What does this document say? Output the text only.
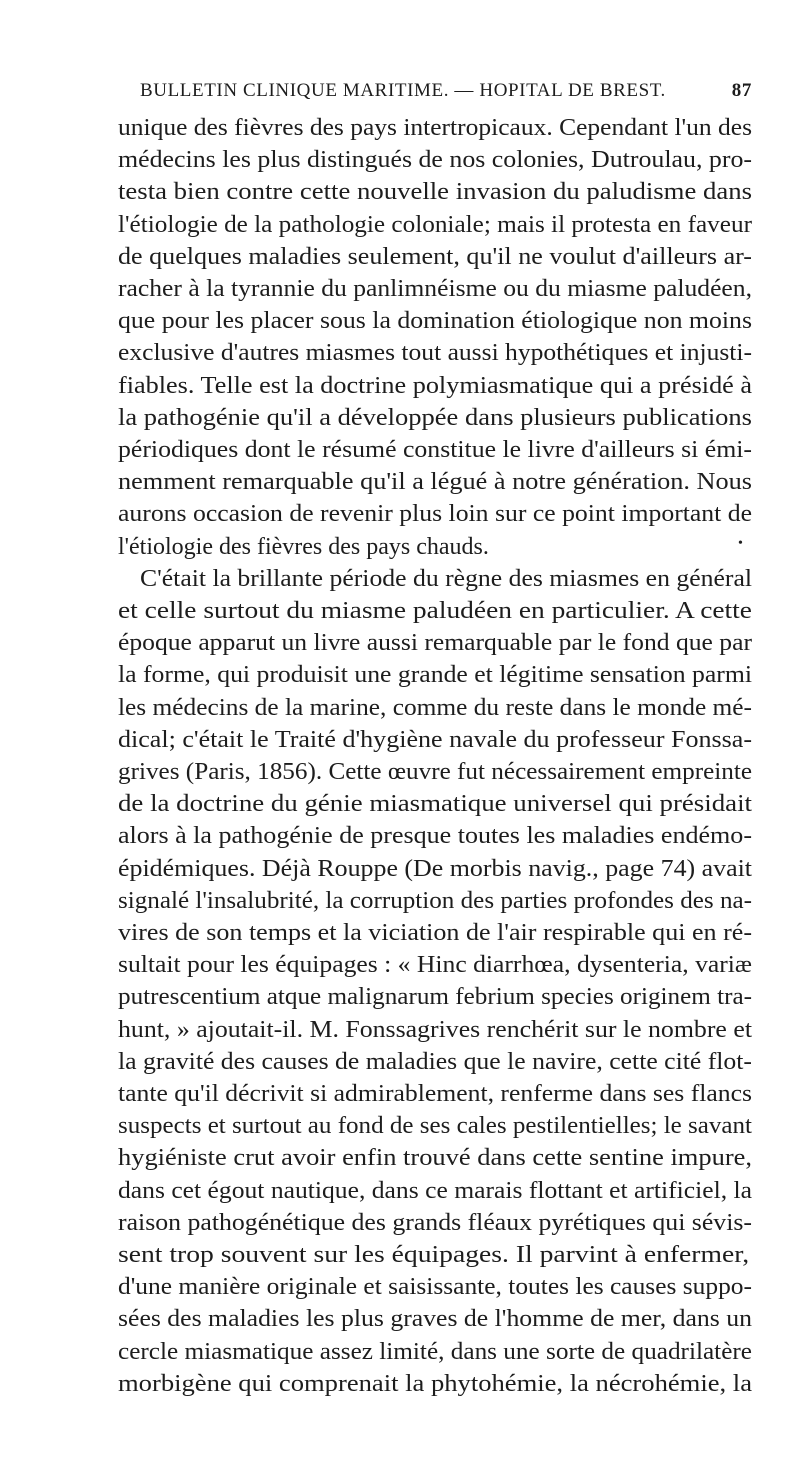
BULLETIN CLINIQUE MARITIME. — HOPITAL DE BREST.	87
unique des fièvres des pays intertropicaux. Cependant l'un des
médecins les plus distingués de nos colonies, Dutroulau, pro-
testa bien contre cette nouvelle invasion du paludisme dans
l'étiologie de la pathologie coloniale; mais il protesta en faveur
de quelques maladies seulement, qu'il ne voulut d'ailleurs ar-
racher à la tyrannie du panlimnéisme ou du miasme paludéen,
que pour les placer sous la domination étiologique non moins
exclusive d'autres miasmes tout aussi hypothétiques et injusti-
fiables. Telle est la doctrine polymiasmatique qui a présidé à
la pathogénie qu'il a développée dans plusieurs publications
périodiques dont le résumé constitue le livre d'ailleurs si émi-
nemment remarquable qu'il a légué à notre génération. Nous
aurons occasion de revenir plus loin sur ce point important de
l'étiologie des fièvres des pays chauds.
C'était la brillante période du règne des miasmes en général
et celle surtout du miasme paludéen en particulier. A cette
époque apparut un livre aussi remarquable par le fond que par
la forme, qui produisit une grande et légitime sensation parmi
les médecins de la marine, comme du reste dans le monde mé-
dical; c'était le Traité d'hygiène navale du professeur Fonssa-
grives (Paris, 1856). Cette œuvre fut nécessairement empreinte
de la doctrine du génie miasmatique universel qui présidait
alors à la pathogénie de presque toutes les maladies endémo-
épidémiques. Déjà Rouppe (De morbis navig., page 74) avait
signalé l'insalubrité, la corruption des parties profondes des na-
vires de son temps et la viciation de l'air respirable qui en ré-
sultait pour les équipages : « Hinc diarrhœa, dysenteria, variæ
putrescentium atque malignarum febrium species originem tra-
hunt, » ajoutait-il. M. Fonssagrives renchérit sur le nombre et
la gravité des causes de maladies que le navire, cette cité flot-
tante qu'il décrivit si admirablement, renferme dans ses flancs
suspects et surtout au fond de ses cales pestilentielles; le savant
hygiéniste crut avoir enfin trouvé dans cette sentine impure,
dans cet égout nautique, dans ce marais flottant et artificiel, la
raison pathogénétique des grands fléaux pyrétiques qui sévis-
sent trop souvent sur les équipages. Il parvint à enfermer,
d'une manière originale et saisissante, toutes les causes suppo-
sées des maladies les plus graves de l'homme de mer, dans un
cercle miasmatique assez limité, dans une sorte de quadrilatère
morbigène qui comprenait la phytohémie, la nécrohémie, la
•
